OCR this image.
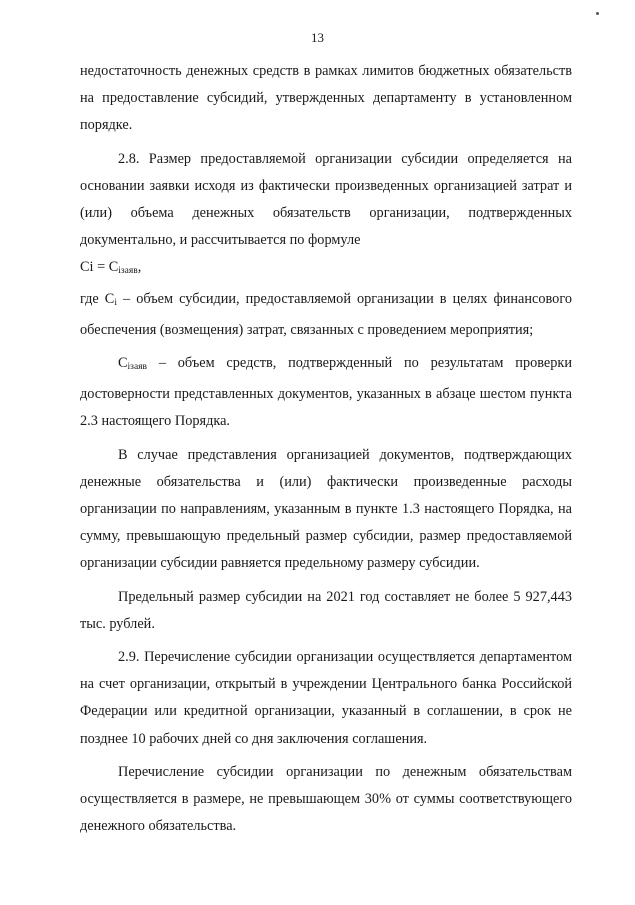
13

недостаточность денежных средств в рамках лимитов бюджетных обязательств на предоставление субсидий, утвержденных департаменту в установленном порядке.

2.8. Размер предоставляемой организации субсидии определяется на основании заявки исходя из фактически произведенных организацией затрат и (или) объема денежных обязательств организации, подтвержденных документально, и рассчитывается по формуле

$Ci = C_{iзаяв}$,

где Ci – объем субсидии, предоставляемой организации в целях финансового обеспечения (возмещения) затрат, связанных с проведением мероприятия;

Ciзаяв – объем средств, подтвержденный по результатам проверки достоверности представленных документов, указанных в абзаце шестом пункта 2.3 настоящего Порядка.

В случае представления организацией документов, подтверждающих денежные обязательства и (или) фактически произведенные расходы организации по направлениям, указанным в пункте 1.3 настоящего Порядка, на сумму, превышающую предельный размер субсидии, размер предоставляемой организации субсидии равняется предельному размеру субсидии.

Предельный размер субсидии на 2021 год составляет не более 5 927,443 тыс. рублей.

2.9. Перечисление субсидии организации осуществляется департаментом на счет организации, открытый в учреждении Центрального банка Российской Федерации или кредитной организации, указанный в соглашении, в срок не позднее 10 рабочих дней со дня заключения соглашения.

Перечисление субсидии организации по денежным обязательствам осуществляется в размере, не превышающем 30% от суммы соответствующего денежного обязательства.
